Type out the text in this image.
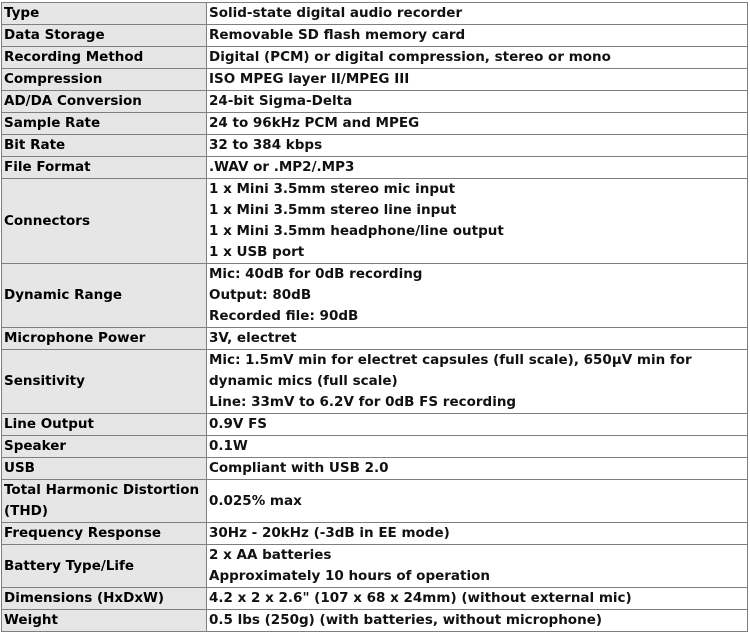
Type	Solid-state digital audio recorder

Data Storage	Removable SD flash memory card

Recording Method	Digital (PCM) or digital compression, stereo or mono

Compression	ISO MPEG layer II/MPEG III

AD/DA Conversion	24-bit Sigma-Delta

Sample Rate	24 to 96kHz PCM and MPEG

Bit Rate	32 to 384 kbps

File Format	.WAV or .MP2/.MP3

Connectors	1 x Mini 3.5mm stereo mic input
1 x Mini 3.5mm stereo line input
1 x Mini 3.5mm headphone/line output
1 x USB port

Dynamic Range	Mic: 40dB for 0dB recording
Output: 80dB
Recorded file: 90dB

Microphone Power	3V, electret

Sensitivity	Mic: 1.5mV min for electret capsules (full scale), 650μV min for dynamic mics (full scale)
Line: 33mV to 6.2V for 0dB FS recording

Line Output	0.9V FS

Speaker	0.1W

USB	Compliant with USB 2.0

Total Harmonic Distortion (THD)	0.025% max

Frequency Response	30Hz - 20kHz (-3dB in EE mode)

Battery Type/Life	2 x AA batteries
Approximately 10 hours of operation

Dimensions (HxDxW)	4.2 x 2 x 2.6" (107 x 68 x 24mm) (without external mic)

Weight	0.5 lbs (250g) (with batteries, without microphone)
